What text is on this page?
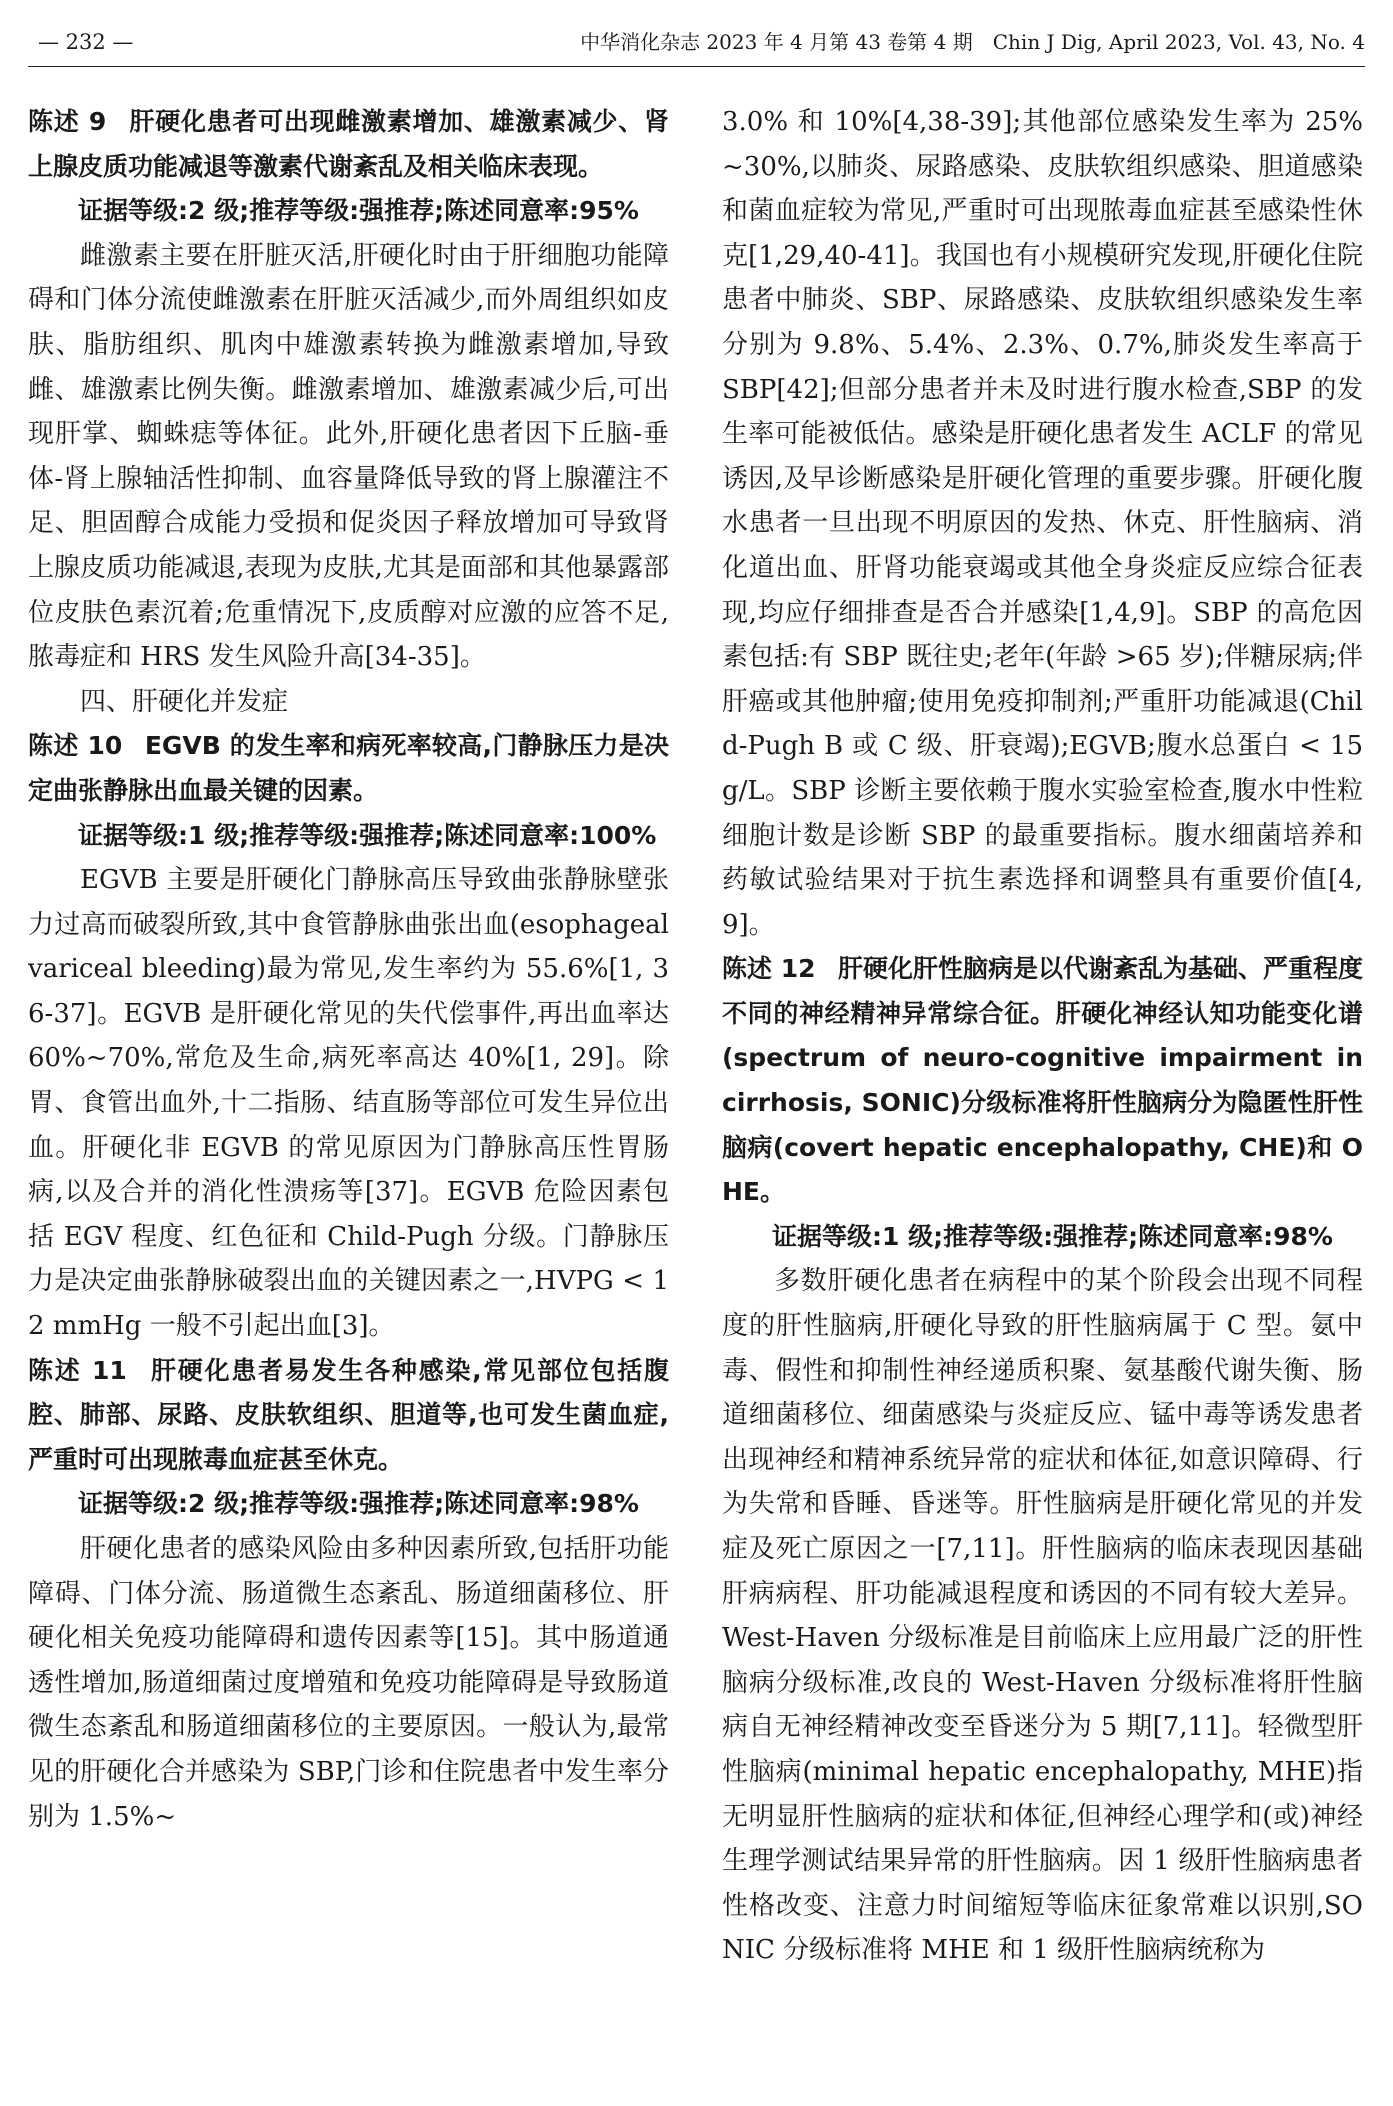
— 232 —	中华消化杂志 2023 年 4 月第 43 卷第 4 期　Chin J Dig, April 2023, Vol. 43, No. 4

陈述 9 肝硬化患者可出现雌激素增加、雄激素减少、肾上腺皮质功能减退等激素代谢紊乱及相关临床表现。

证据等级:2 级;推荐等级:强推荐;陈述同意率:95%

雌激素主要在肝脏灭活,肝硬化时由于肝细胞功能障碍和门体分流使雌激素在肝脏灭活减少,而外周组织如皮肤、脂肪组织、肌肉中雄激素转换为雌激素增加,导致雌、雄激素比例失衡。雌激素增加、雄激素减少后,可出现肝掌、蜘蛛痣等体征。此外,肝硬化患者因下丘脑-垂体-肾上腺轴活性抑制、血容量降低导致的肾上腺灌注不足、胆固醇合成能力受损和促炎因子释放增加可导致肾上腺皮质功能减退,表现为皮肤,尤其是面部和其他暴露部位皮肤色素沉着;危重情况下,皮质醇对应激的应答不足,脓毒症和 HRS 发生风险升高[34-35]。

四、肝硬化并发症

陈述 10 EGVB 的发生率和病死率较高,门静脉压力是决定曲张静脉出血最关键的因素。

证据等级:1 级;推荐等级:强推荐;陈述同意率:100%

EGVB 主要是肝硬化门静脉高压导致曲张静脉壁张力过高而破裂所致,其中食管静脉曲张出血(esophageal variceal bleeding)最为常见,发生率约为 55.6%[1, 36-37]。EGVB 是肝硬化常见的失代偿事件,再出血率达 60%~70%,常危及生命,病死率高达 40%[1, 29]。除胃、食管出血外,十二指肠、结直肠等部位可发生异位出血。肝硬化非 EGVB 的常见原因为门静脉高压性胃肠病,以及合并的消化性溃疡等[37]。EGVB 危险因素包括 EGV 程度、红色征和 Child-Pugh 分级。门静脉压力是决定曲张静脉破裂出血的关键因素之一,HVPG < 12 mmHg 一般不引起出血[3]。

陈述 11 肝硬化患者易发生各种感染,常见部位包括腹腔、肺部、尿路、皮肤软组织、胆道等,也可发生菌血症,严重时可出现脓毒血症甚至休克。

证据等级:2 级;推荐等级:强推荐;陈述同意率:98%

肝硬化患者的感染风险由多种因素所致,包括肝功能障碍、门体分流、肠道微生态紊乱、肠道细菌移位、肝硬化相关免疫功能障碍和遗传因素等[15]。其中肠道通透性增加,肠道细菌过度增殖和免疫功能障碍是导致肠道微生态紊乱和肠道细菌移位的主要原因。一般认为,最常见的肝硬化合并感染为 SBP,门诊和住院患者中发生率分别为 1.5%~

3.0% 和 10%[4,38-39];其他部位感染发生率为 25%~30%,以肺炎、尿路感染、皮肤软组织感染、胆道感染和菌血症较为常见,严重时可出现脓毒血症甚至感染性休克[1,29,40-41]。我国也有小规模研究发现,肝硬化住院患者中肺炎、SBP、尿路感染、皮肤软组织感染发生率分别为 9.8%、5.4%、2.3%、0.7%,肺炎发生率高于 SBP[42];但部分患者并未及时进行腹水检查,SBP 的发生率可能被低估。感染是肝硬化患者发生 ACLF 的常见诱因,及早诊断感染是肝硬化管理的重要步骤。肝硬化腹水患者一旦出现不明原因的发热、休克、肝性脑病、消化道出血、肝肾功能衰竭或其他全身炎症反应综合征表现,均应仔细排查是否合并感染[1,4,9]。SBP 的高危因素包括:有 SBP 既往史;老年(年龄 >65 岁);伴糖尿病;伴肝癌或其他肿瘤;使用免疫抑制剂;严重肝功能减退(Child-Pugh B 或 C 级、肝衰竭);EGVB;腹水总蛋白 < 15 g/L。SBP 诊断主要依赖于腹水实验室检查,腹水中性粒细胞计数是诊断 SBP 的最重要指标。腹水细菌培养和药敏试验结果对于抗生素选择和调整具有重要价值[4,9]。

陈述 12 肝硬化肝性脑病是以代谢紊乱为基础、严重程度不同的神经精神异常综合征。肝硬化神经认知功能变化谱(spectrum of neuro-cognitive impairment in cirrhosis, SONIC)分级标准将肝性脑病分为隐匿性肝性脑病(covert hepatic encephalopathy, CHE)和 OHE。

证据等级:1 级;推荐等级:强推荐;陈述同意率:98%

多数肝硬化患者在病程中的某个阶段会出现不同程度的肝性脑病,肝硬化导致的肝性脑病属于 C 型。氨中毒、假性和抑制性神经递质积聚、氨基酸代谢失衡、肠道细菌移位、细菌感染与炎症反应、锰中毒等诱发患者出现神经和精神系统异常的症状和体征,如意识障碍、行为失常和昏睡、昏迷等。肝性脑病是肝硬化常见的并发症及死亡原因之一[7,11]。肝性脑病的临床表现因基础肝病病程、肝功能减退程度和诱因的不同有较大差异。West-Haven 分级标准是目前临床上应用最广泛的肝性脑病分级标准,改良的 West-Haven 分级标准将肝性脑病自无神经精神改变至昏迷分为 5 期[7,11]。轻微型肝性脑病(minimal hepatic encephalopathy, MHE)指无明显肝性脑病的症状和体征,但神经心理学和(或)神经生理学测试结果异常的肝性脑病。因 1 级肝性脑病患者性格改变、注意力时间缩短等临床征象常难以识别,SONIC 分级标准将 MHE 和 1 级肝性脑病统称为
